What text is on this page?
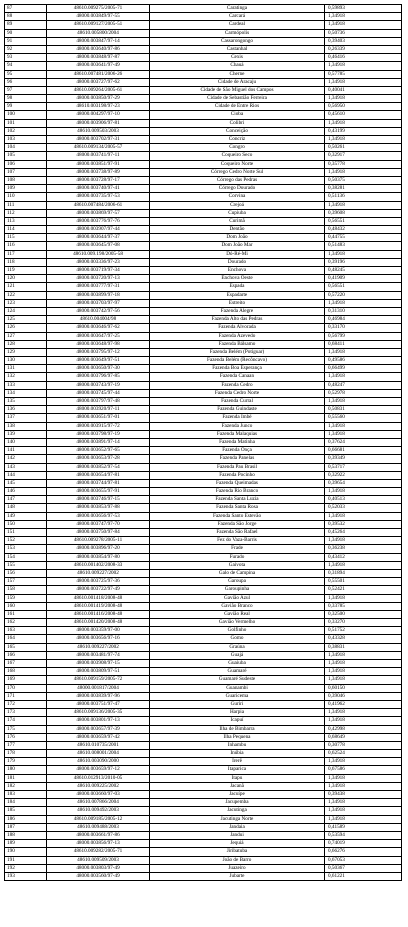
87	48610.009275/2005-71	Caratinga	0,59893
88	48000.003849/97-55	Carcará	1,34918
89	48610.009127/2005-51	Cardeal	1,34918
90	48610.005800/2004	Carmópolis	0,50736
91	48000.003847/97-14	Cassarongongo	0,39403
92	48000.003640/97-86	Castanhal	0,26339
93	48000.003848/97-87	Cexis	0,46416
94	48000.003641/97-49	Chauá	1,34918
95	48610.007481/2006-26	Cherne	0,57785
96	48000.003727/97-62	Cidade de Aracaju	1,34918
97	48610.009264/2005-61	Cidade de São Miguel dos Campos	0,40041
98	48000.003850/97-29	Cidade de Sebastião Ferreira	1,34918
99	48610.003198/97-23	Cidade de Entre Rios	0,56950
100	48000.004297/97-10	Cioba	0,45610
101	48000.003906/97-81	Colibri	1,34918
102	48610.009503/2003	Conceição	0,43199
103	48000.003702/97-31	Concriz	1,34918
104	48610.009134/2005-57	Congro	0,50261
105	48000.003741/97-11	Coqueiro Seco	0,32917
106	48000.003851/97-91	Coqueiro Norte	0,35778
107	48000.003738/97-89	Córrego Cedro Norte Sul	1,34918
108	48000.003728/97-17	Córrego das Pedras	0,50375
109	48000.003740/97-41	Córrego Dourado	0,38281
110	48000.003735/97-53	Corvina	0,51136
111	48610.007484/2006-61	Crejoá	1,34918
112	48000.003869/97-57	Cupiuba	0,39608
113	48000.003776/97-76	Curimã	0,56551
114	48000.003907/97-44	Dentão	0,48432
115	48000.003644/97-37	Dom João	0,44755
116	48000.003645/97-08	Dom João Mar	0,51483
117	48610.009.198/2005-58	Dó-Ré-Mi	1,34918
118	48000.003336/97-23	Dourado	0,39196
119	48000.003719/97-34	Enchova	0,48245
120	48000.003720/97-13	Enchova Oeste	0,41909
121	48000.003777/97-31	Espada	0,56551
122	48000.003899/97-18	Espadarte	0,57220
123	48000.003703/97-97	Estreito	1,34918
124	48000.003742/97-56	Fazenda Alegre	0,31310
125	48610.004004/98	Fazenda Alto das Pedras	0,46984
126	48000.003646/97-62	Fazenda Alvorada	0,33170
127	48000.003647/97-25	Fazenda Azevedo	0,56799
128	48000.003648/97-98	Fazenda Bálsamo	0,68411
129	48000.003795/97-12	Fazenda Belém (Potiguar)	1,34918
130	48000.003649/97-51	Fazenda Belém (Recôncavo)	0,49586
131	48000.003650/97-30	Fazenda Boa Esperança	0,66499
132	48000.003796/97-85	Fazenda Canaan	1,34918
133	48000.003743/97-19	Fazenda Cedro	0,48247
134	48000.003745/97-44	Fazenda Cedro Norte	0,52978
135	48000.003797/97-48	Fazenda Curral	1,34918
136	48000.003920/97-11	Fazenda Guindaste	0,50831
137	48000.003651/97-01	Fazenda Imbé	0,55560
138	48000.003915/97-72	Fazenda Junco	1,34918
139	48000.003798/97-19	Fazenda Malaquias	1,34918
140	48000.003891/97-14	Fazenda Matinha	0,37624
141	48000.003652/97-65	Fazenda Onça	0,66681
142	48000.003653/97-28	Fazenda Panelas	0,39349
143	48000.003852/97-54	Fazenda Pau Brasil	0,53717
144	48000.003654/97-81	Fazenda Pocinho	0,32922
145	48000.003744/97-81	Fazenda Queimadas	0,39654
146	48000.003655/97-91	Fazenda Rio Branco	1,34918
147	48000.003746/97-15	Fazenda Santa Luzia	0,40513
148	48000.003853/97-88	Fazenda Santa Rosa	0,52033
149	48000.003656/97-53	Fazenda Santo Estevão	1,34918
150	48000.003747/97-70	Fazenda São Jorge	0,39532
151	48000.003750/97-84	Fazenda São Rafael	0,45264
152	48610.009278/2005-11	Fez do Vaza-Barris	1,34918
153	48000.003896/97-20	Frade	0,36238
154	48000.003854/97-80	Furado	0,43412
155	48610.001402/2008-33	Gaivota	1,34918
156	48610.009227/2002	Galo de Campina	0,31894
157	48000.003725/97-36	Garoupa	0,55501
158	48000.003722/97-49	Garoupinha	0,52421
159	48610.001418/2008-48	Gavião Azul	1,34918
160	48610.001419/2008-48	Gavião Branco	0,33785
161	48610.001416/2008-48	Gavião Real	0,32500
162	48610.001420/2008-48	Gavião Vermelho	0,33270
163	48000.003359/97-00	Golfinho	0,51752
164	48000.003656/97-16	Gomo	0,43328
165	48610.009227/2002	Graúna	0,38831
166	48000.003481/97-74	Guajá	1,34918
167	48000.003908/97-15	Guaiuba	1,34918
168	48000.003809/97-51	Guamaré	1,34918
169	48610.009159/2005-72	Guamaré Sudeste	1,34918
170	48000.001817/2004	Guanambi	0,60150
171	48000.003839/97-96	Guaricema	0,39046
172	48000.003751/97-47	Guriri	0,41962
173	48610.009136/2005-35	Harpia	1,34918
174	48000.003801/97-13	Icapuí	1,34918
175	48000.003657/97-39	Ilha de Bimbarra	0,42998
176	48000.003659/97-42	Ilha Pequena	0,68649
177	48610.010735/2001	Inhambu	0,30778
178	48610.008001/2004	Inúbia	0,62524
179	48610.003090/2000	Irerê	1,34918
180	48000.003659/97-12	Itaparica	0,67586
181	48610.012913/2010-05	Itapu	1,34918
182	48610.009225/2002	Jacanã	1,34918
183	48000.003660/97-03	Jacuípe	0,39438
184	48610.007866/2004	Jacupemba	1,34918
185	48610.009492/2003	Jacutinga	1,34918
186	48610.009185/2005-12	Jacutinga Norte	1,34918
187	48610.009488/2003	Jandaia	0,41589
188	48000.003661/97-86	Jandui	0,53594
189	48000.003856/97-13	Jequiá	0,74019
190	48610.009282/2005-71	Jiribatuba	0,66276
191	48610.009509/2003	João de Barro	0,67053
192	48000.003803/97-49	Juazeiro	0,50367
193	48000.003560/97-49	Jubarte	0,61221
